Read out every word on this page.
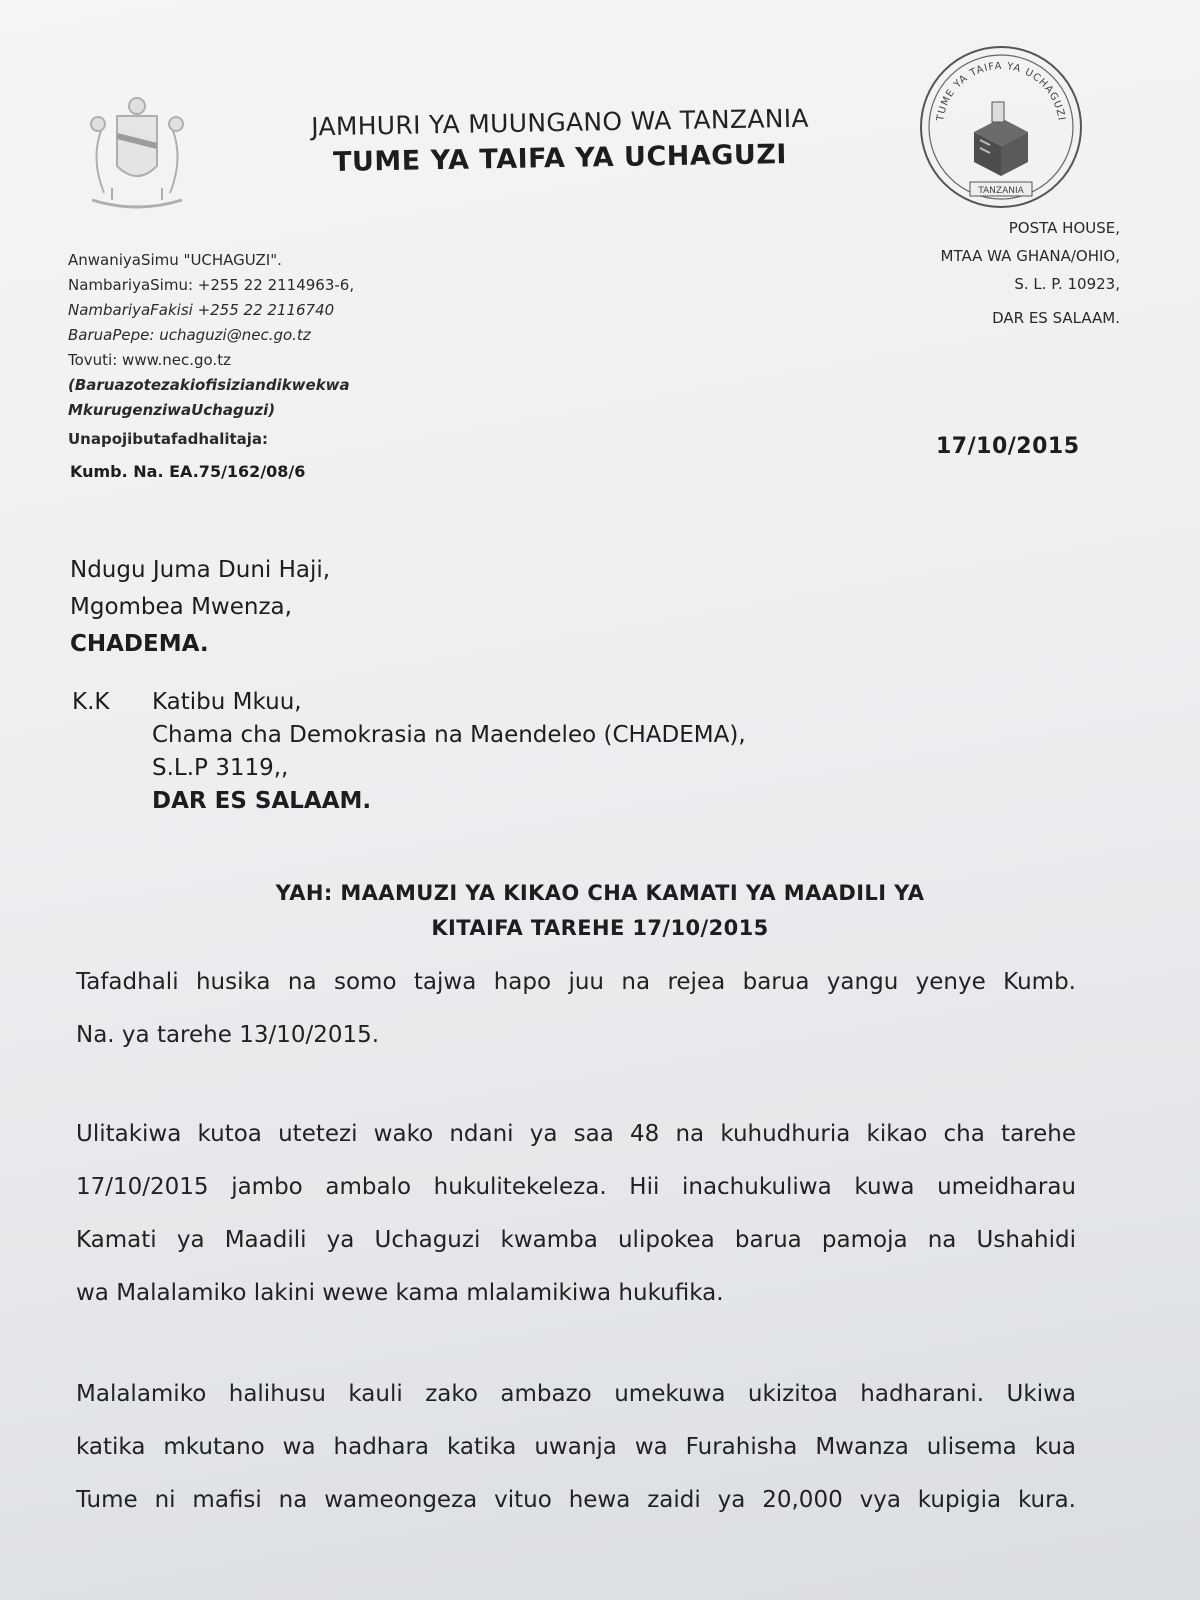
TUME YA TAIFA YA UCHAGUZI
TANZANIA
JAMHURI YA MUUNGANO WA TANZANIA
TUME YA TAIFA YA UCHAGUZI
AnwaniyaSimu "UCHAGUZI".
NambariyaSimu: +255 22 2114963-6,
NambariyaFakisi +255 22 2116740
BaruaPepe: uchaguzi@nec.go.tz
Tovuti: www.nec.go.tz
(Baruazotezakiofisiziandikwekwa
MkurugenziwaUchaguzi)
Unapojibutafadhalitaja:
POSTA HOUSE,
MTAA WA GHANA/OHIO,
S. L. P. 10923,
DAR ES SALAAM.
17/10/2015
Kumb. Na. EA.75/162/08/6
Ndugu Juma Duni Haji,
Mgombea Mwenza,
CHADEMA.
K.K Katibu Mkuu,
Chama cha Demokrasia na Maendeleo (CHADEMA),
S.L.P 3119,,
DAR ES SALAAM.
YAH: MAAMUZI YA KIKAO CHA KAMATI YA MAADILI YA
KITAIFA TAREHE 17/10/2015
Tafadhali husika na somo tajwa hapo juu na rejea barua yangu yenye Kumb.
Na. ya tarehe 13/10/2015.
Ulitakiwa kutoa utetezi wako ndani ya saa 48 na kuhudhuria kikao cha tarehe
17/10/2015 jambo ambalo hukulitekeleza. Hii inachukuliwa kuwa umeidharau
Kamati ya Maadili ya Uchaguzi kwamba ulipokea barua pamoja na Ushahidi
wa Malalamiko lakini wewe kama mlalamikiwa hukufika.
Malalamiko halihusu kauli zako ambazo umekuwa ukizitoa hadharani. Ukiwa
katika mkutano wa hadhara katika uwanja wa Furahisha Mwanza ulisema kua
Tume ni mafisi na wameongeza vituo hewa zaidi ya 20,000 vya kupigia kura.
